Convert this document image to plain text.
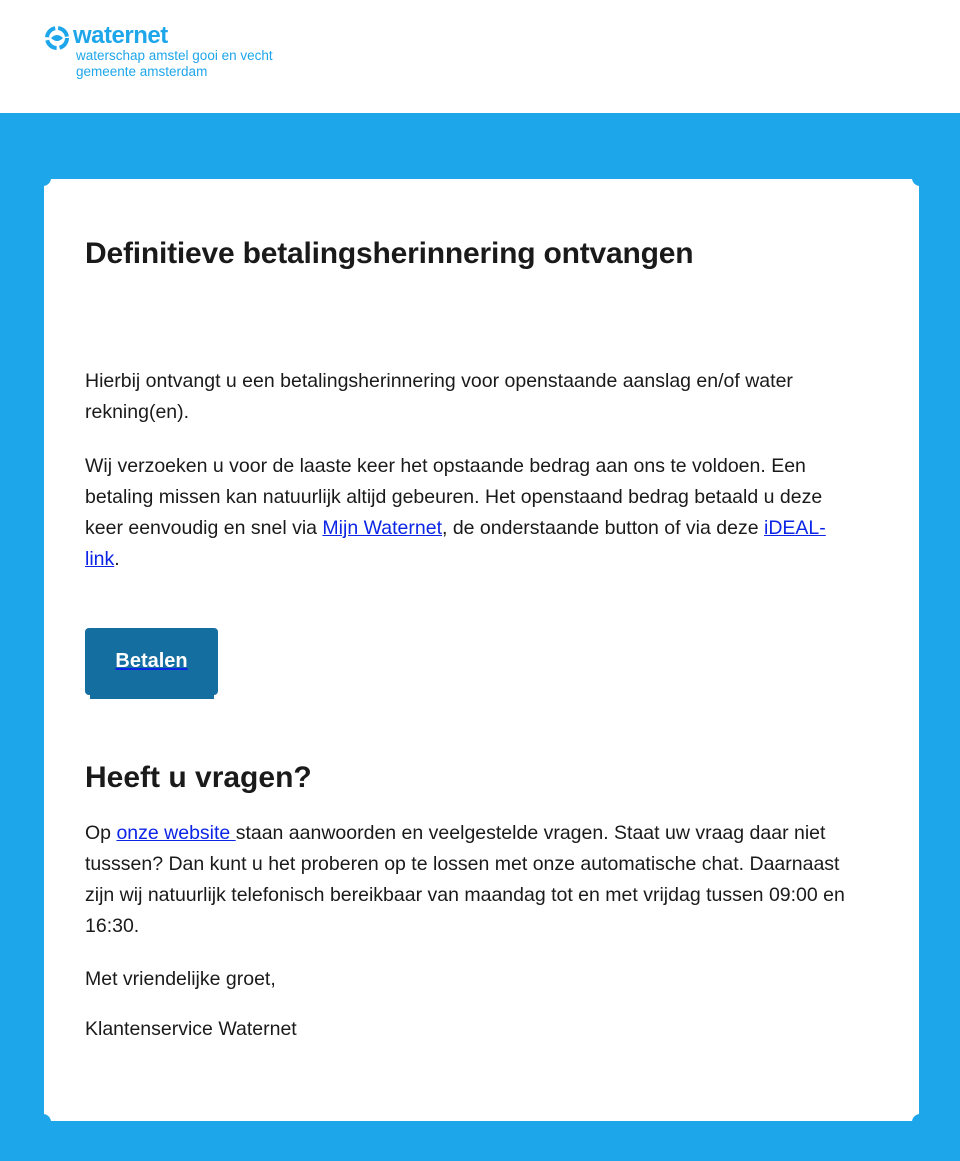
waternet
waterschap amstel gooi en vecht
gemeente amsterdam
Definitieve betalingsherinnering ontvangen

Hierbij ontvangt u een betalingsherinnering voor openstaande aanslag en/of water rekning(en).

Wij verzoeken u voor de laaste keer het opstaande bedrag aan ons te voldoen. Een betaling missen kan natuurlijk altijd gebeuren. Het openstaand bedrag betaald u deze keer eenvoudig en snel via Mijn Waternet, de onderstaande button of via deze iDEAL-link.

Betalen
Heeft u vragen?

Op onze website staan aanwoorden en veelgestelde vragen. Staat uw vraag daar niet tusssen? Dan kunt u het proberen op te lossen met onze automatische chat. Daarnaast zijn wij natuurlijk telefonisch bereikbaar van maandag tot en met vrijdag tussen 09:00 en 16:30.

Met vriendelijke groet,

Klantenservice Waternet
